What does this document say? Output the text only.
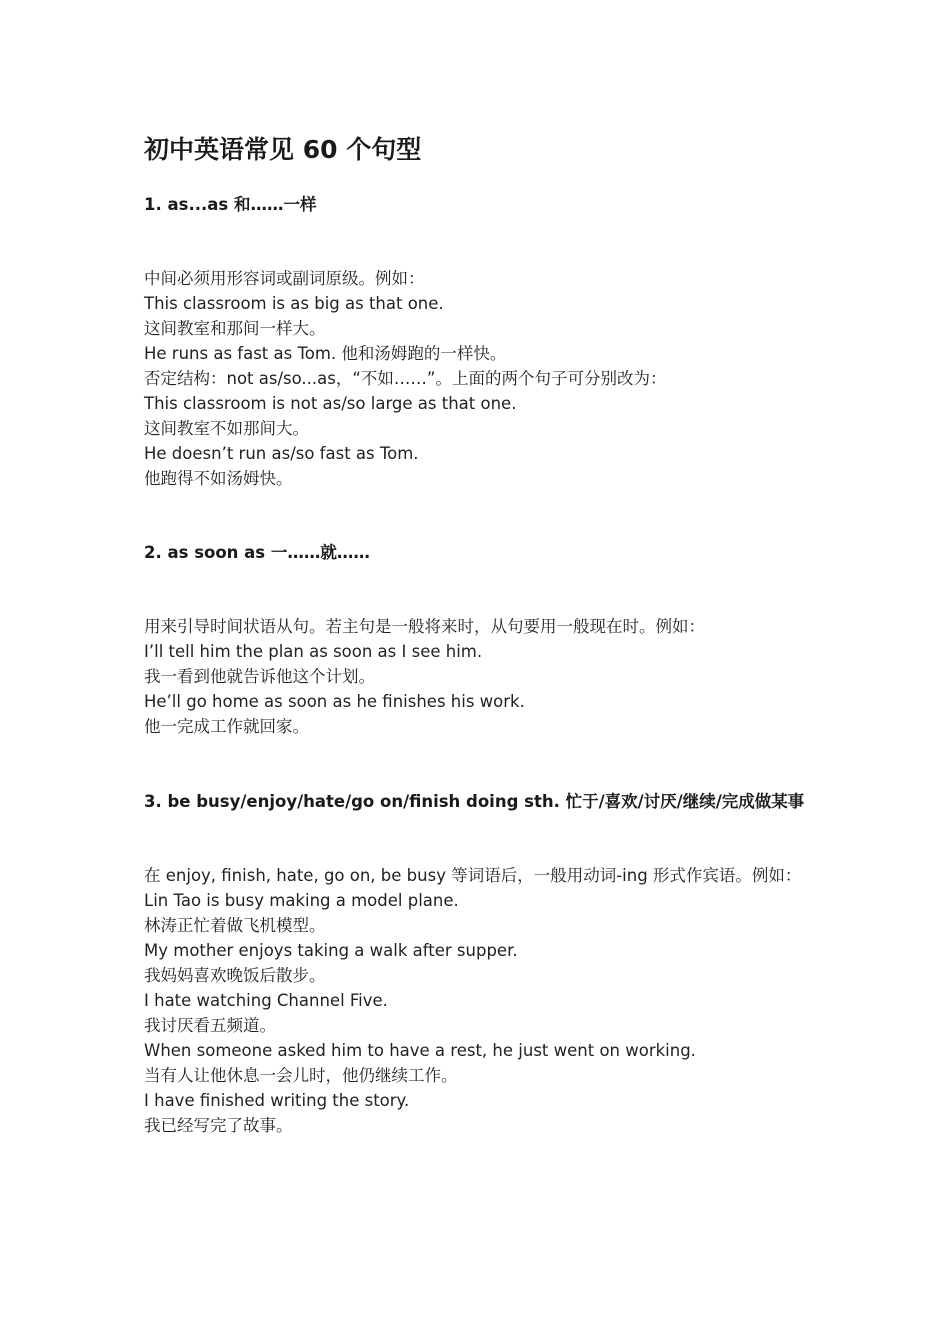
初中英语常见 60 个句型
1. as...as 和……一样
中间必须用形容词或副词原级。例如：
This classroom is as big as that one.
这间教室和那间一样大。
He runs as fast as Tom. 他和汤姆跑的一样快。
否定结构：not as/so...as，“不如……”。上面的两个句子可分别改为：
This classroom is not as/so large as that one.
这间教室不如那间大。
He doesn’t run as/so fast as Tom.
他跑得不如汤姆快。
2. as soon as 一……就……
用来引导时间状语从句。若主句是一般将来时，从句要用一般现在时。例如：
I’ll tell him the plan as soon as I see him.
我一看到他就告诉他这个计划。
He’ll go home as soon as he finishes his work.
他一完成工作就回家。
3. be busy/enjoy/hate/go on/finish doing sth. 忙于/喜欢/讨厌/继续/完成做某事
在 enjoy, finish, hate, go on, be busy 等词语后，一般用动词-ing 形式作宾语。例如：
Lin Tao is busy making a model plane.
林涛正忙着做飞机模型。
My mother enjoys taking a walk after supper.
我妈妈喜欢晚饭后散步。
I hate watching Channel Five.
我讨厌看五频道。
When someone asked him to have a rest, he just went on working.
当有人让他休息一会儿时，他仍继续工作。
I have finished writing the story.
我已经写完了故事。
